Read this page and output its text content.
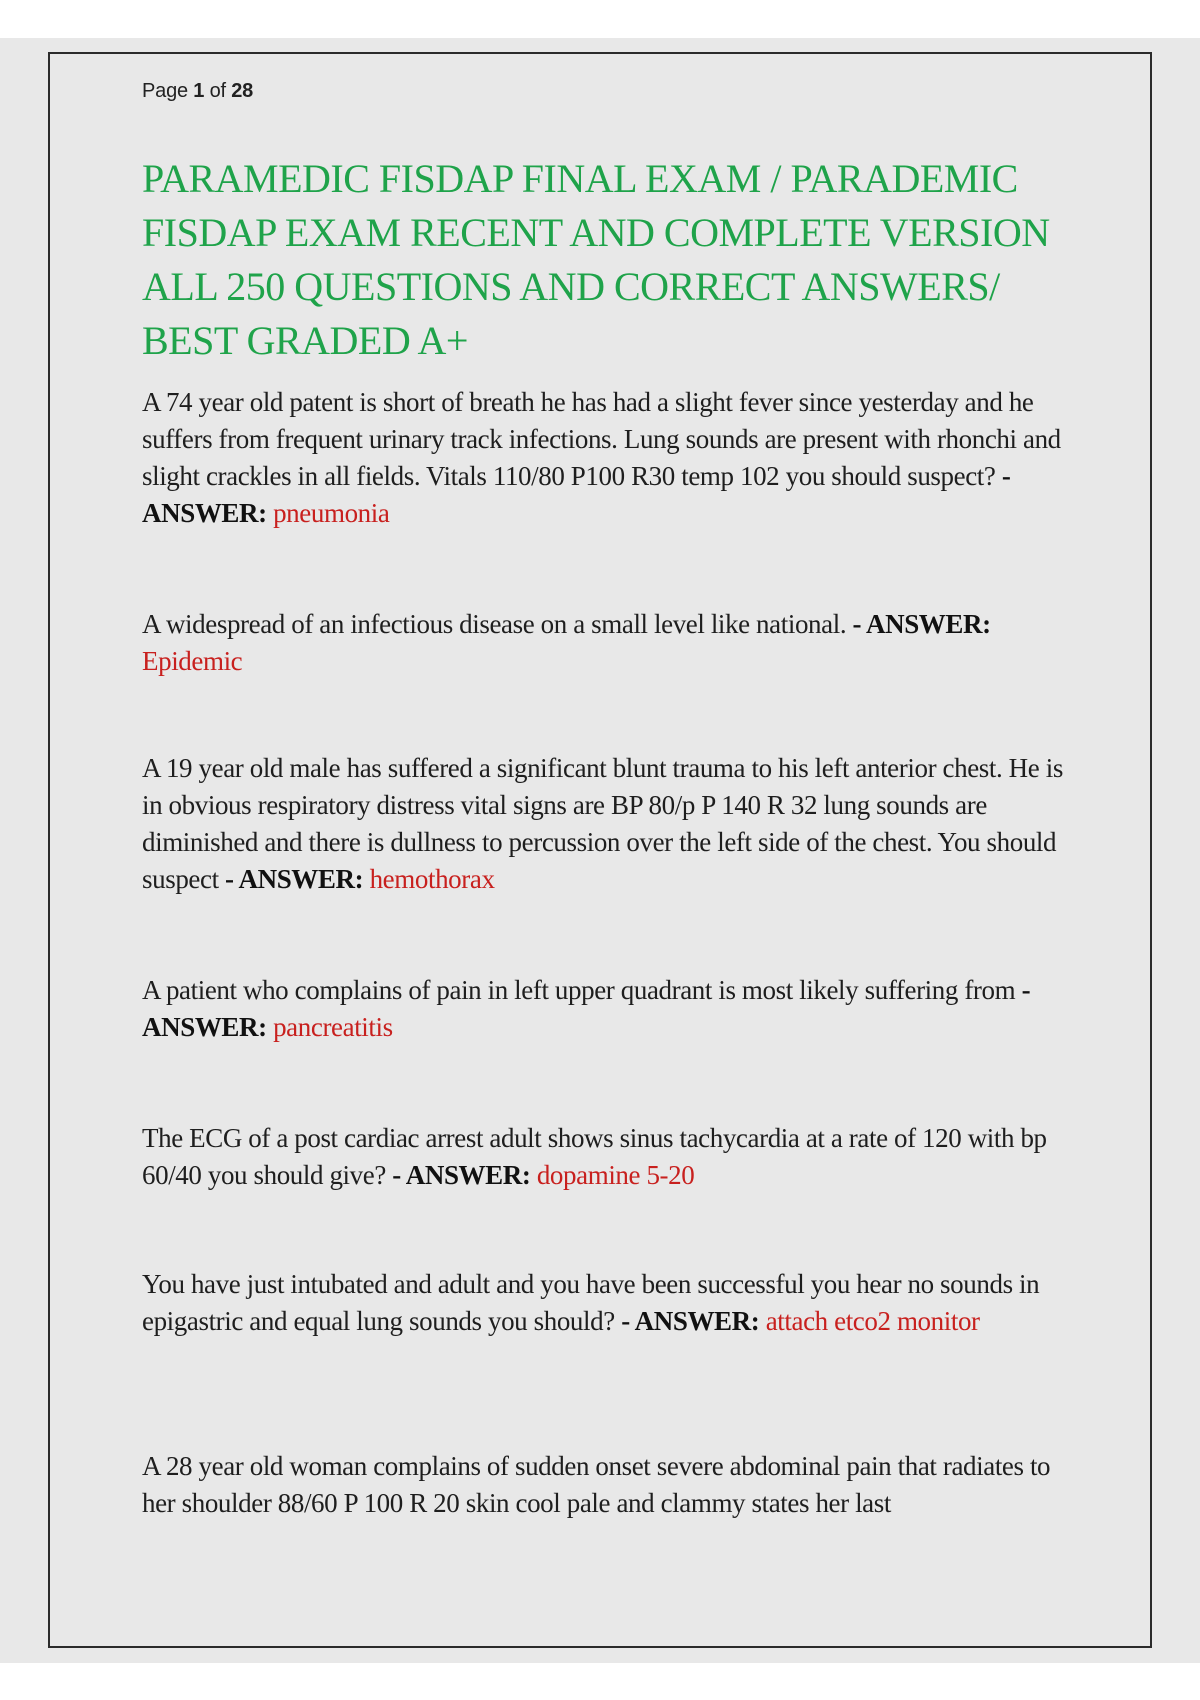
Page 1 of 28
PARAMEDIC FISDAP FINAL EXAM / PARADEMIC FISDAP EXAM RECENT AND COMPLETE VERSION ALL 250 QUESTIONS AND CORRECT ANSWERS/ BEST GRADED A+

A 74 year old patent is short of breath he has had a slight fever since yesterday and he suffers from frequent urinary track infections. Lung sounds are present with rhonchi and slight crackles in all fields. Vitals 110/80 P100 R30 temp 102 you should suspect? - ANSWER: pneumonia

A widespread of an infectious disease on a small level like national. - ANSWER: Epidemic

A 19 year old male has suffered a significant blunt trauma to his left anterior chest. He is in obvious respiratory distress vital signs are BP 80/p P 140 R 32 lung sounds are diminished and there is dullness to percussion over the left side of the chest. You should suspect - ANSWER: hemothorax

A patient who complains of pain in left upper quadrant is most likely suffering from - ANSWER: pancreatitis

The ECG of a post cardiac arrest adult shows sinus tachycardia at a rate of 120 with bp 60/40 you should give? - ANSWER: dopamine 5-20

You have just intubated and adult and you have been successful you hear no sounds in epigastric and equal lung sounds you should? - ANSWER: attach etco2 monitor

A 28 year old woman complains of sudden onset severe abdominal pain that radiates to her shoulder 88/60 P 100 R 20 skin cool pale and clammy states her last
